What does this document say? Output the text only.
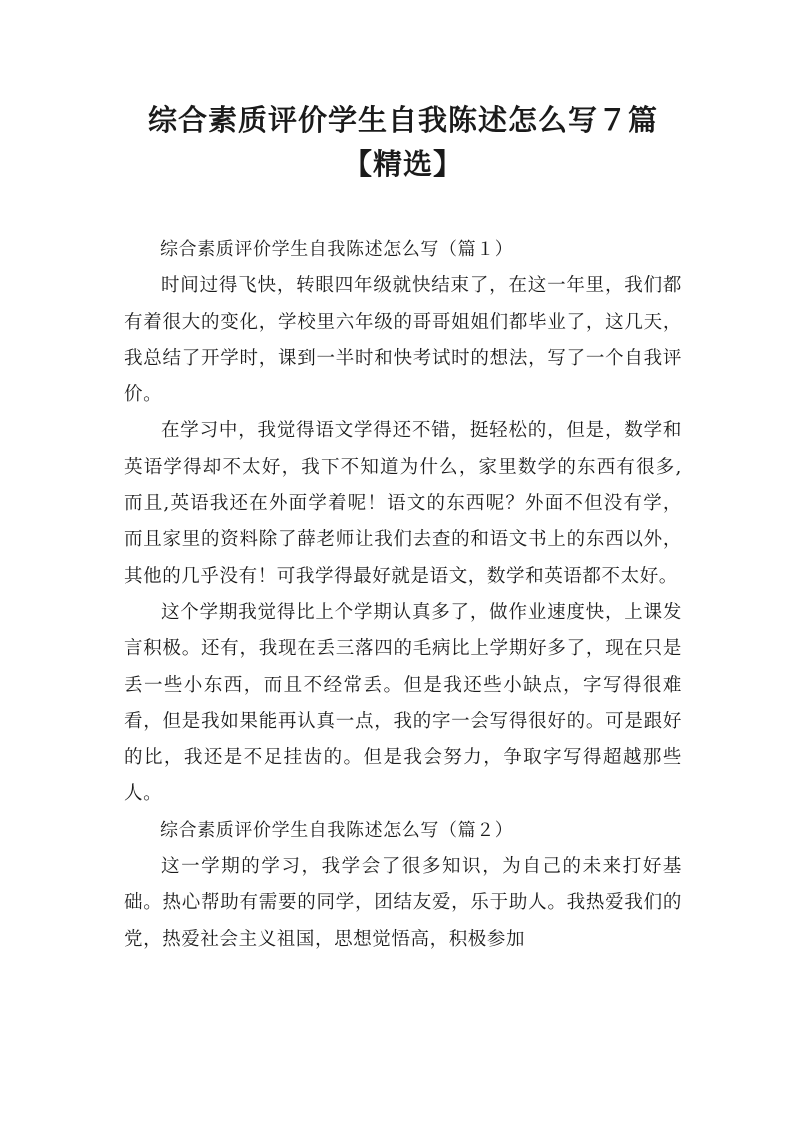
综合素质评价学生自我陈述怎么写７篇【精选】

综合素质评价学生自我陈述怎么写（篇１）

时间过得飞快，转眼四年级就快结束了，在这一年里，我们都有着很大的变化，学校里六年级的哥哥姐姐们都毕业了，这几天，我总结了开学时，课到一半时和快考试时的想法，写了一个自我评价。

在学习中，我觉得语文学得还不错，挺轻松的，但是，数学和英语学得却不太好，我下不知道为什么，家里数学的东西有很多,而且,英语我还在外面学着呢！语文的东西呢？外面不但没有学，而且家里的资料除了薛老师让我们去查的和语文书上的东西以外，其他的几乎没有！可我学得最好就是语文，数学和英语都不太好。

这个学期我觉得比上个学期认真多了，做作业速度快，上课发言积极。还有，我现在丢三落四的毛病比上学期好多了，现在只是丢一些小东西，而且不经常丢。但是我还些小缺点，字写得很难看，但是我如果能再认真一点，我的字一会写得很好的。可是跟好的比，我还是不足挂齿的。但是我会努力，争取字写得超越那些人。

综合素质评价学生自我陈述怎么写（篇２）

这一学期的学习，我学会了很多知识，为自己的未来打好基础。热心帮助有需要的同学，团结友爱，乐于助人。我热爱我们的党，热爱社会主义祖国，思想觉悟高，积极参加
